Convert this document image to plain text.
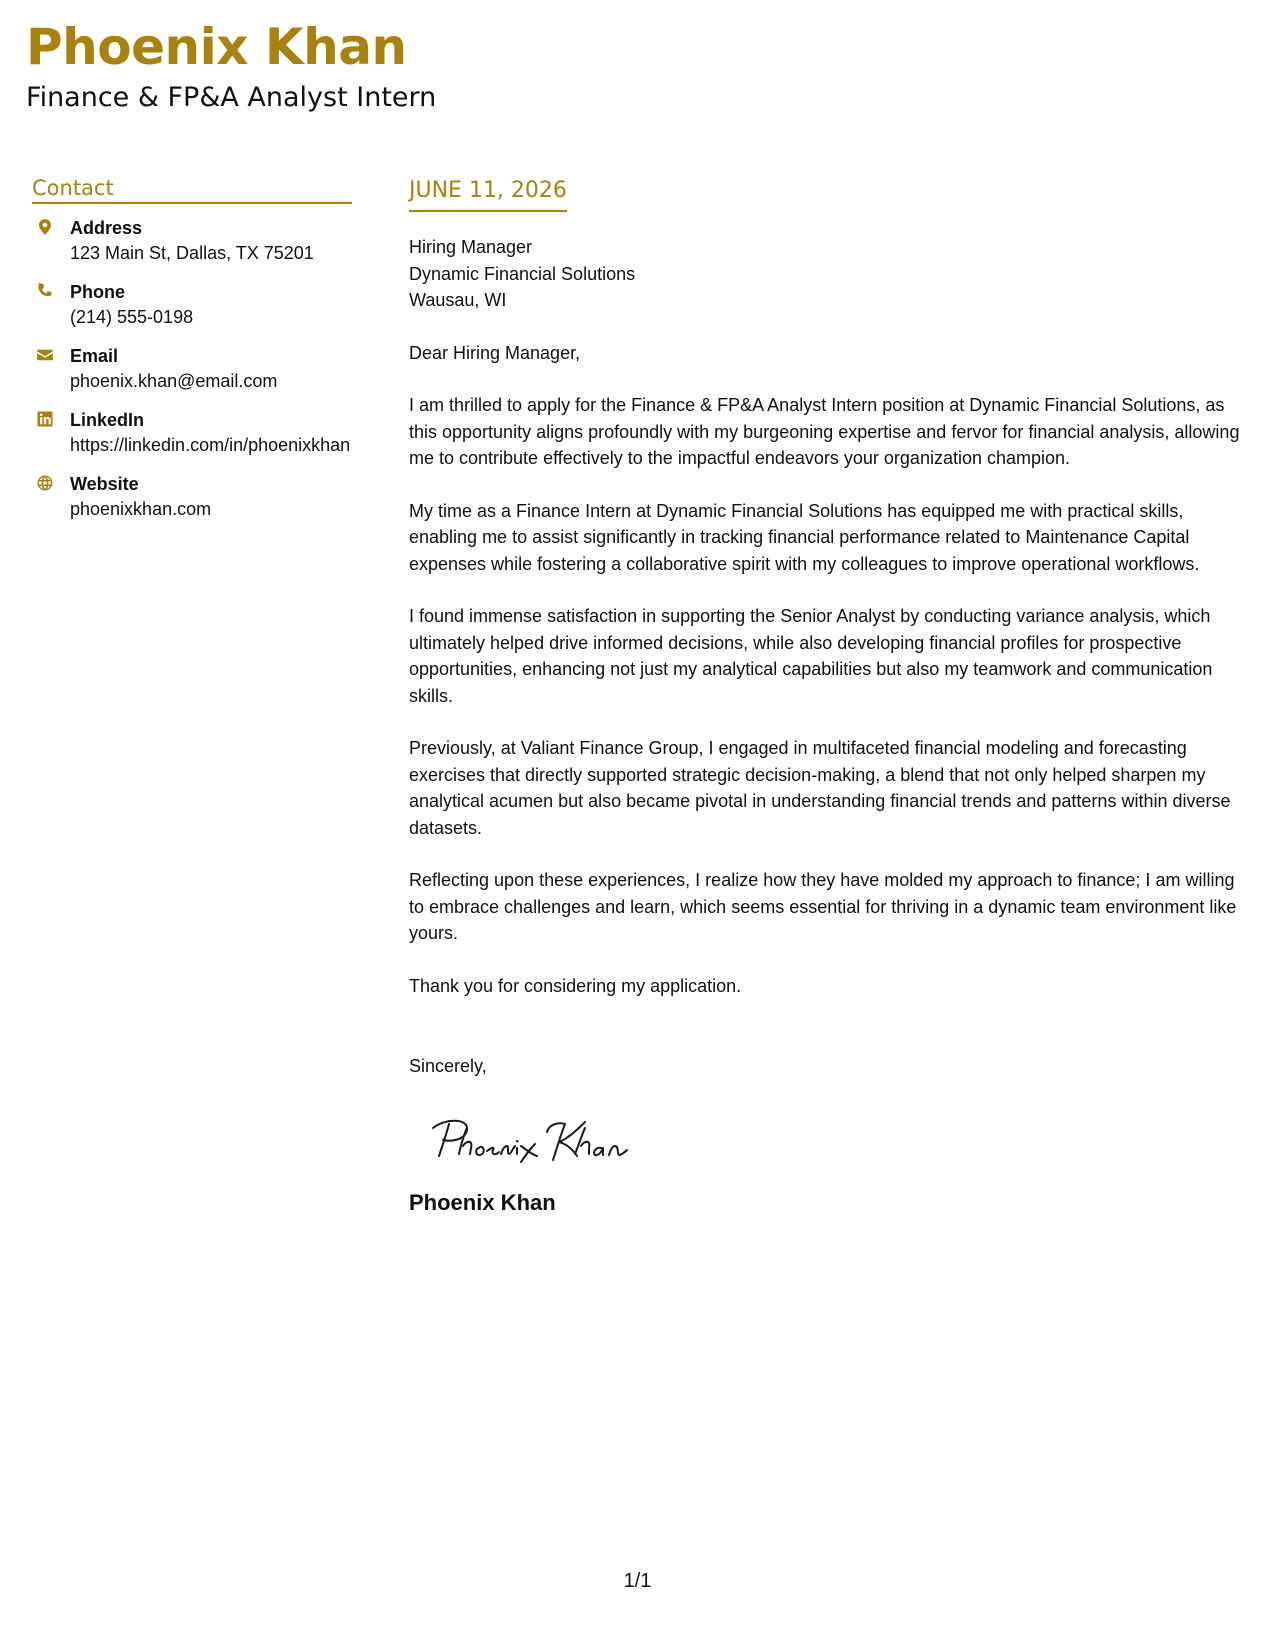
Phoenix Khan
Finance & FP&A Analyst Intern
Contact
Address
123 Main St, Dallas, TX 75201
Phone
(214) 555-0198
Email
phoenix.khan@email.com
LinkedIn
https://linkedin.com/in/phoenixkhan
Website
phoenixkhan.com
JUNE 11, 2026
Hiring Manager
Dynamic Financial Solutions
Wausau, WI

Dear Hiring Manager,

I am thrilled to apply for the Finance & FP&A Analyst Intern position at Dynamic Financial Solutions, as this opportunity aligns profoundly with my burgeoning expertise and fervor for financial analysis, allowing me to contribute effectively to the impactful endeavors your organization champion.

My time as a Finance Intern at Dynamic Financial Solutions has equipped me with practical skills, enabling me to assist significantly in tracking financial performance related to Maintenance Capital expenses while fostering a collaborative spirit with my colleagues to improve operational workflows.

I found immense satisfaction in supporting the Senior Analyst by conducting variance analysis, which ultimately helped drive informed decisions, while also developing financial profiles for prospective opportunities, enhancing not just my analytical capabilities but also my teamwork and communication skills.

Previously, at Valiant Finance Group, I engaged in multifaceted financial modeling and forecasting exercises that directly supported strategic decision-making, a blend that not only helped sharpen my analytical acumen but also became pivotal in understanding financial trends and patterns within diverse datasets.

Reflecting upon these experiences, I realize how they have molded my approach to finance; I am willing to embrace challenges and learn, which seems essential for thriving in a dynamic team environment like yours.

Thank you for considering my application.

Sincerely,

Phoenix Khan
1/1
